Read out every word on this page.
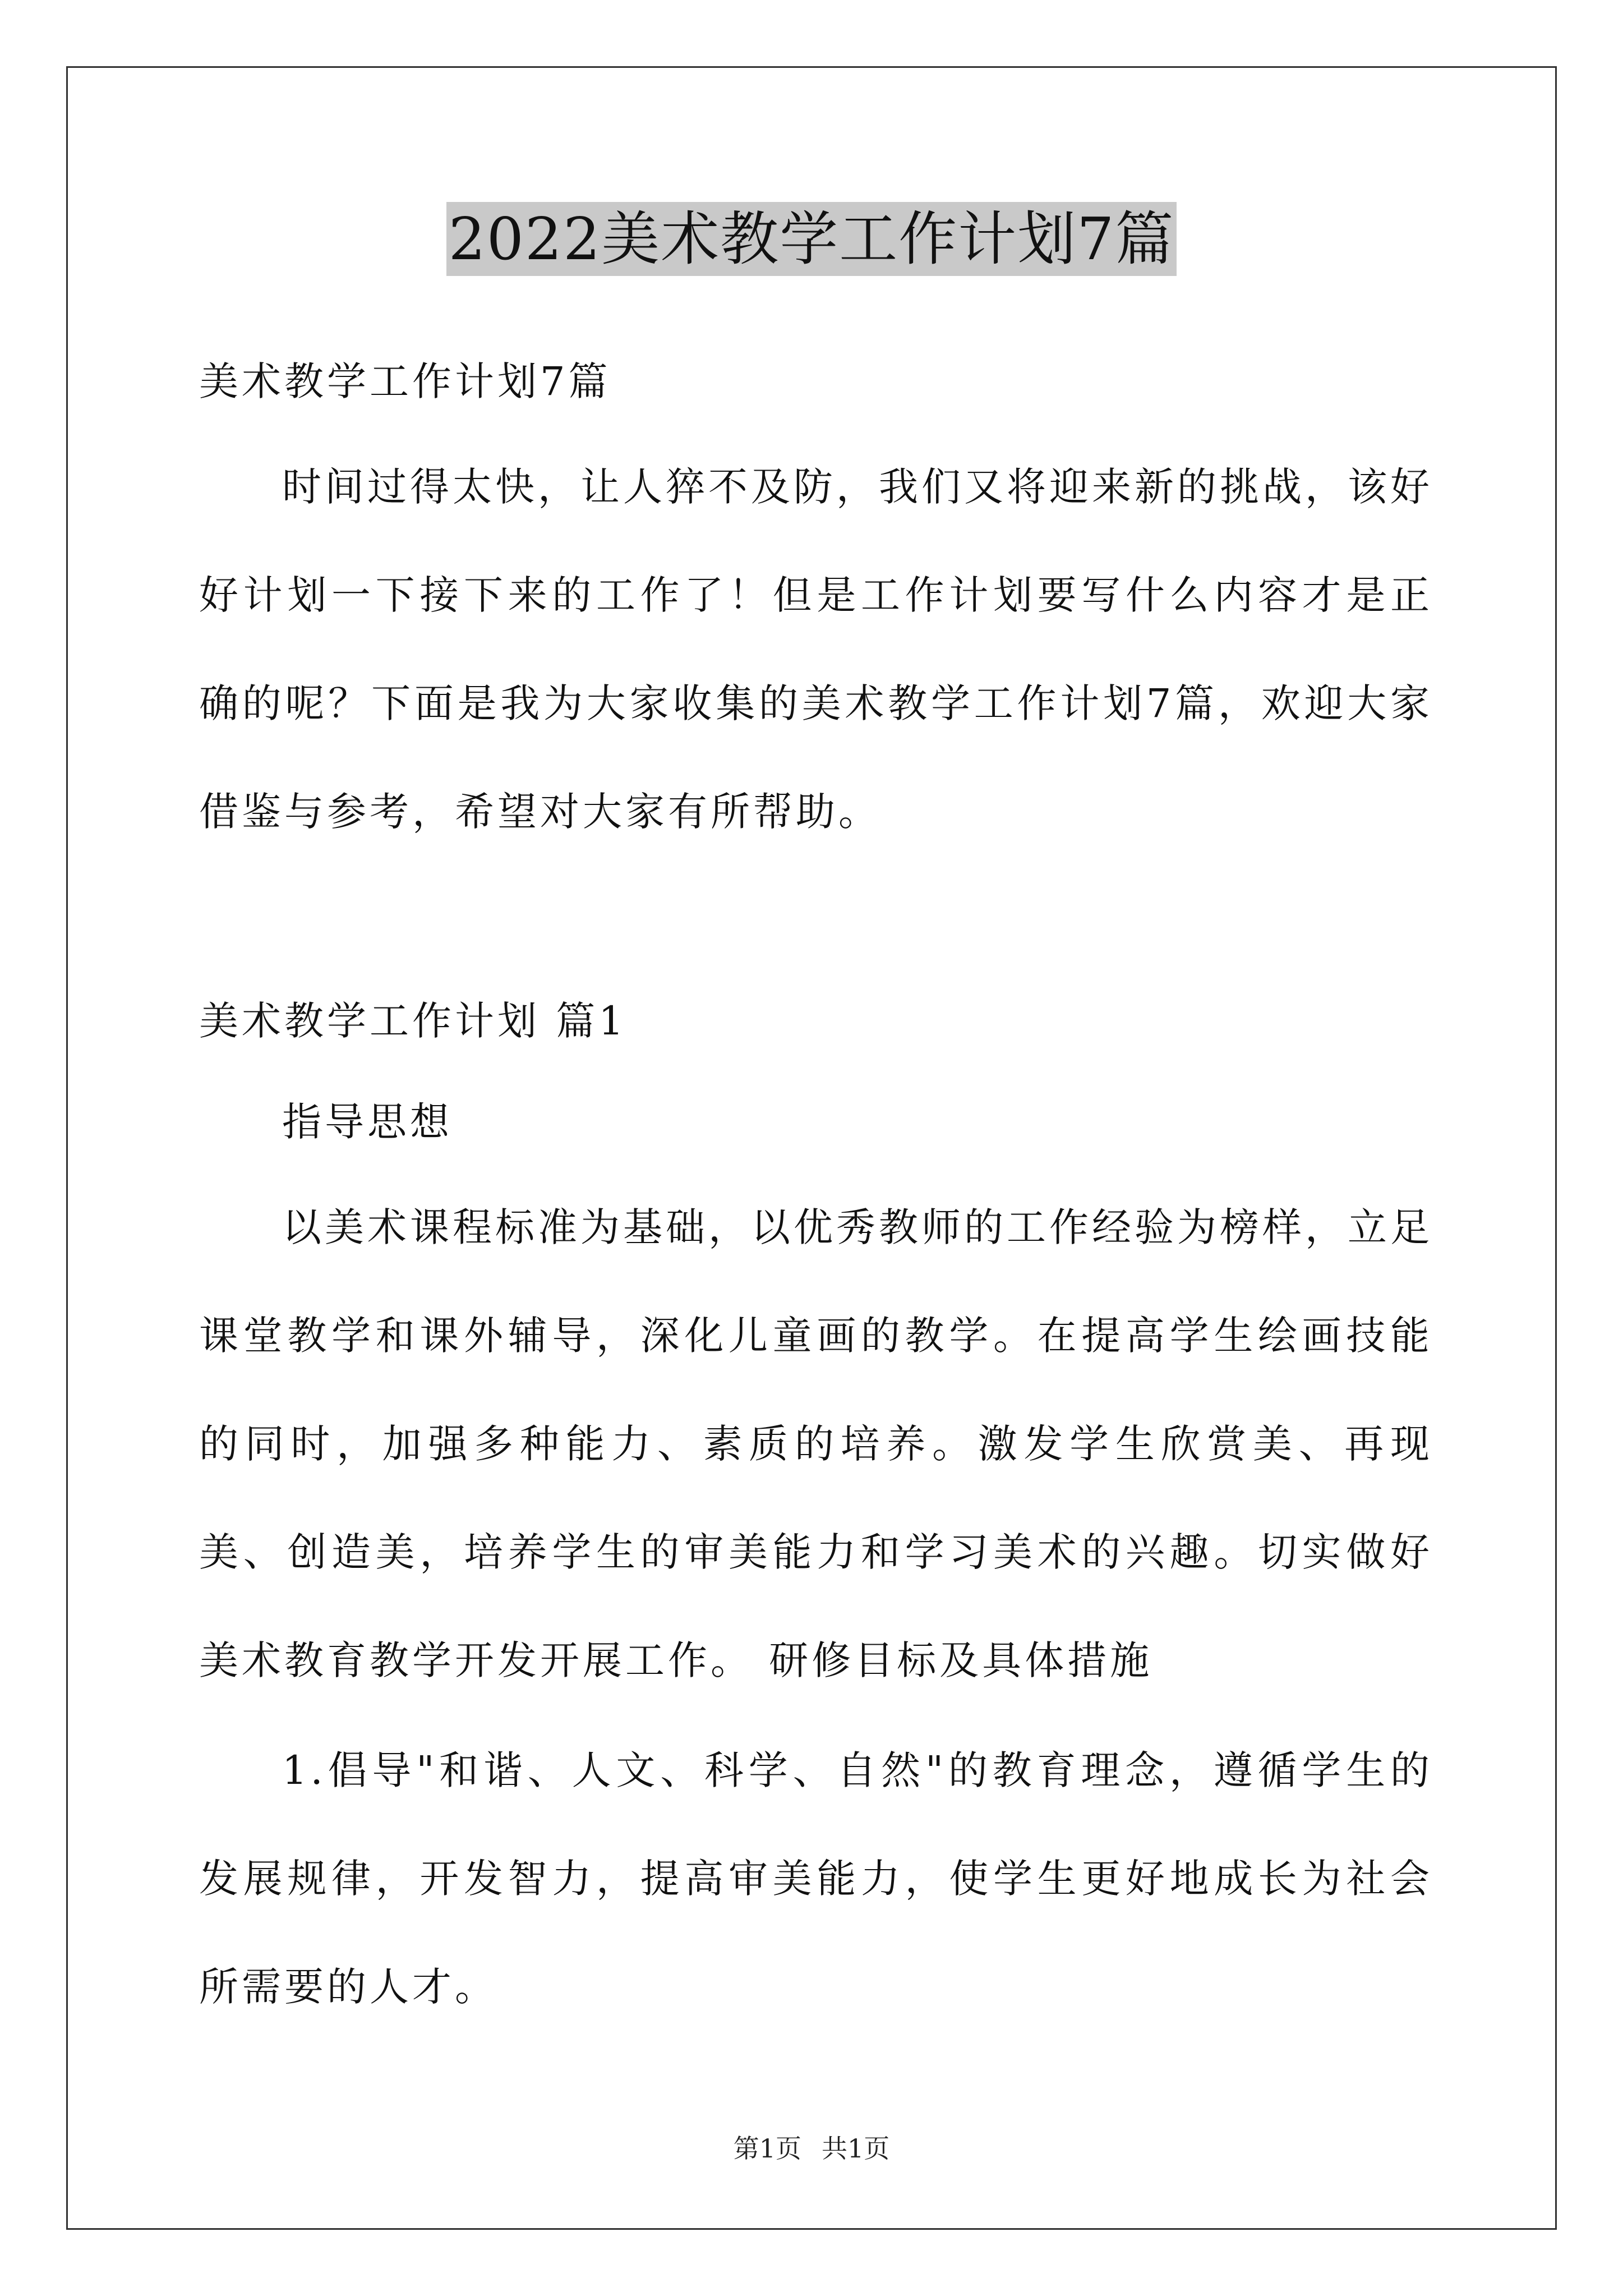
2022美术教学工作计划7篇
美术教学工作计划7篇
时间过得太快，让人猝不及防，我们又将迎来新的挑战，该好好计划一下接下来的工作了！但是工作计划要写什么内容才是正确的呢？下面是我为大家收集的美术教学工作计划7篇，欢迎大家借鉴与参考，希望对大家有所帮助。
美术教学工作计划 篇1
指导思想
以美术课程标准为基础，以优秀教师的工作经验为榜样，立足课堂教学和课外辅导，深化儿童画的教学。在提高学生绘画技能的同时，加强多种能力、素质的培养。激发学生欣赏美、再现美、创造美，培养学生的审美能力和学习美术的兴趣。切实做好美术教育教学开发开展工作。 研修目标及具体措施
1.倡导"和谐、人文、科学、自然"的教育理念，遵循学生的发展规律，开发智力，提高审美能力，使学生更好地成长为社会所需要的人才。
第1页 共1页
